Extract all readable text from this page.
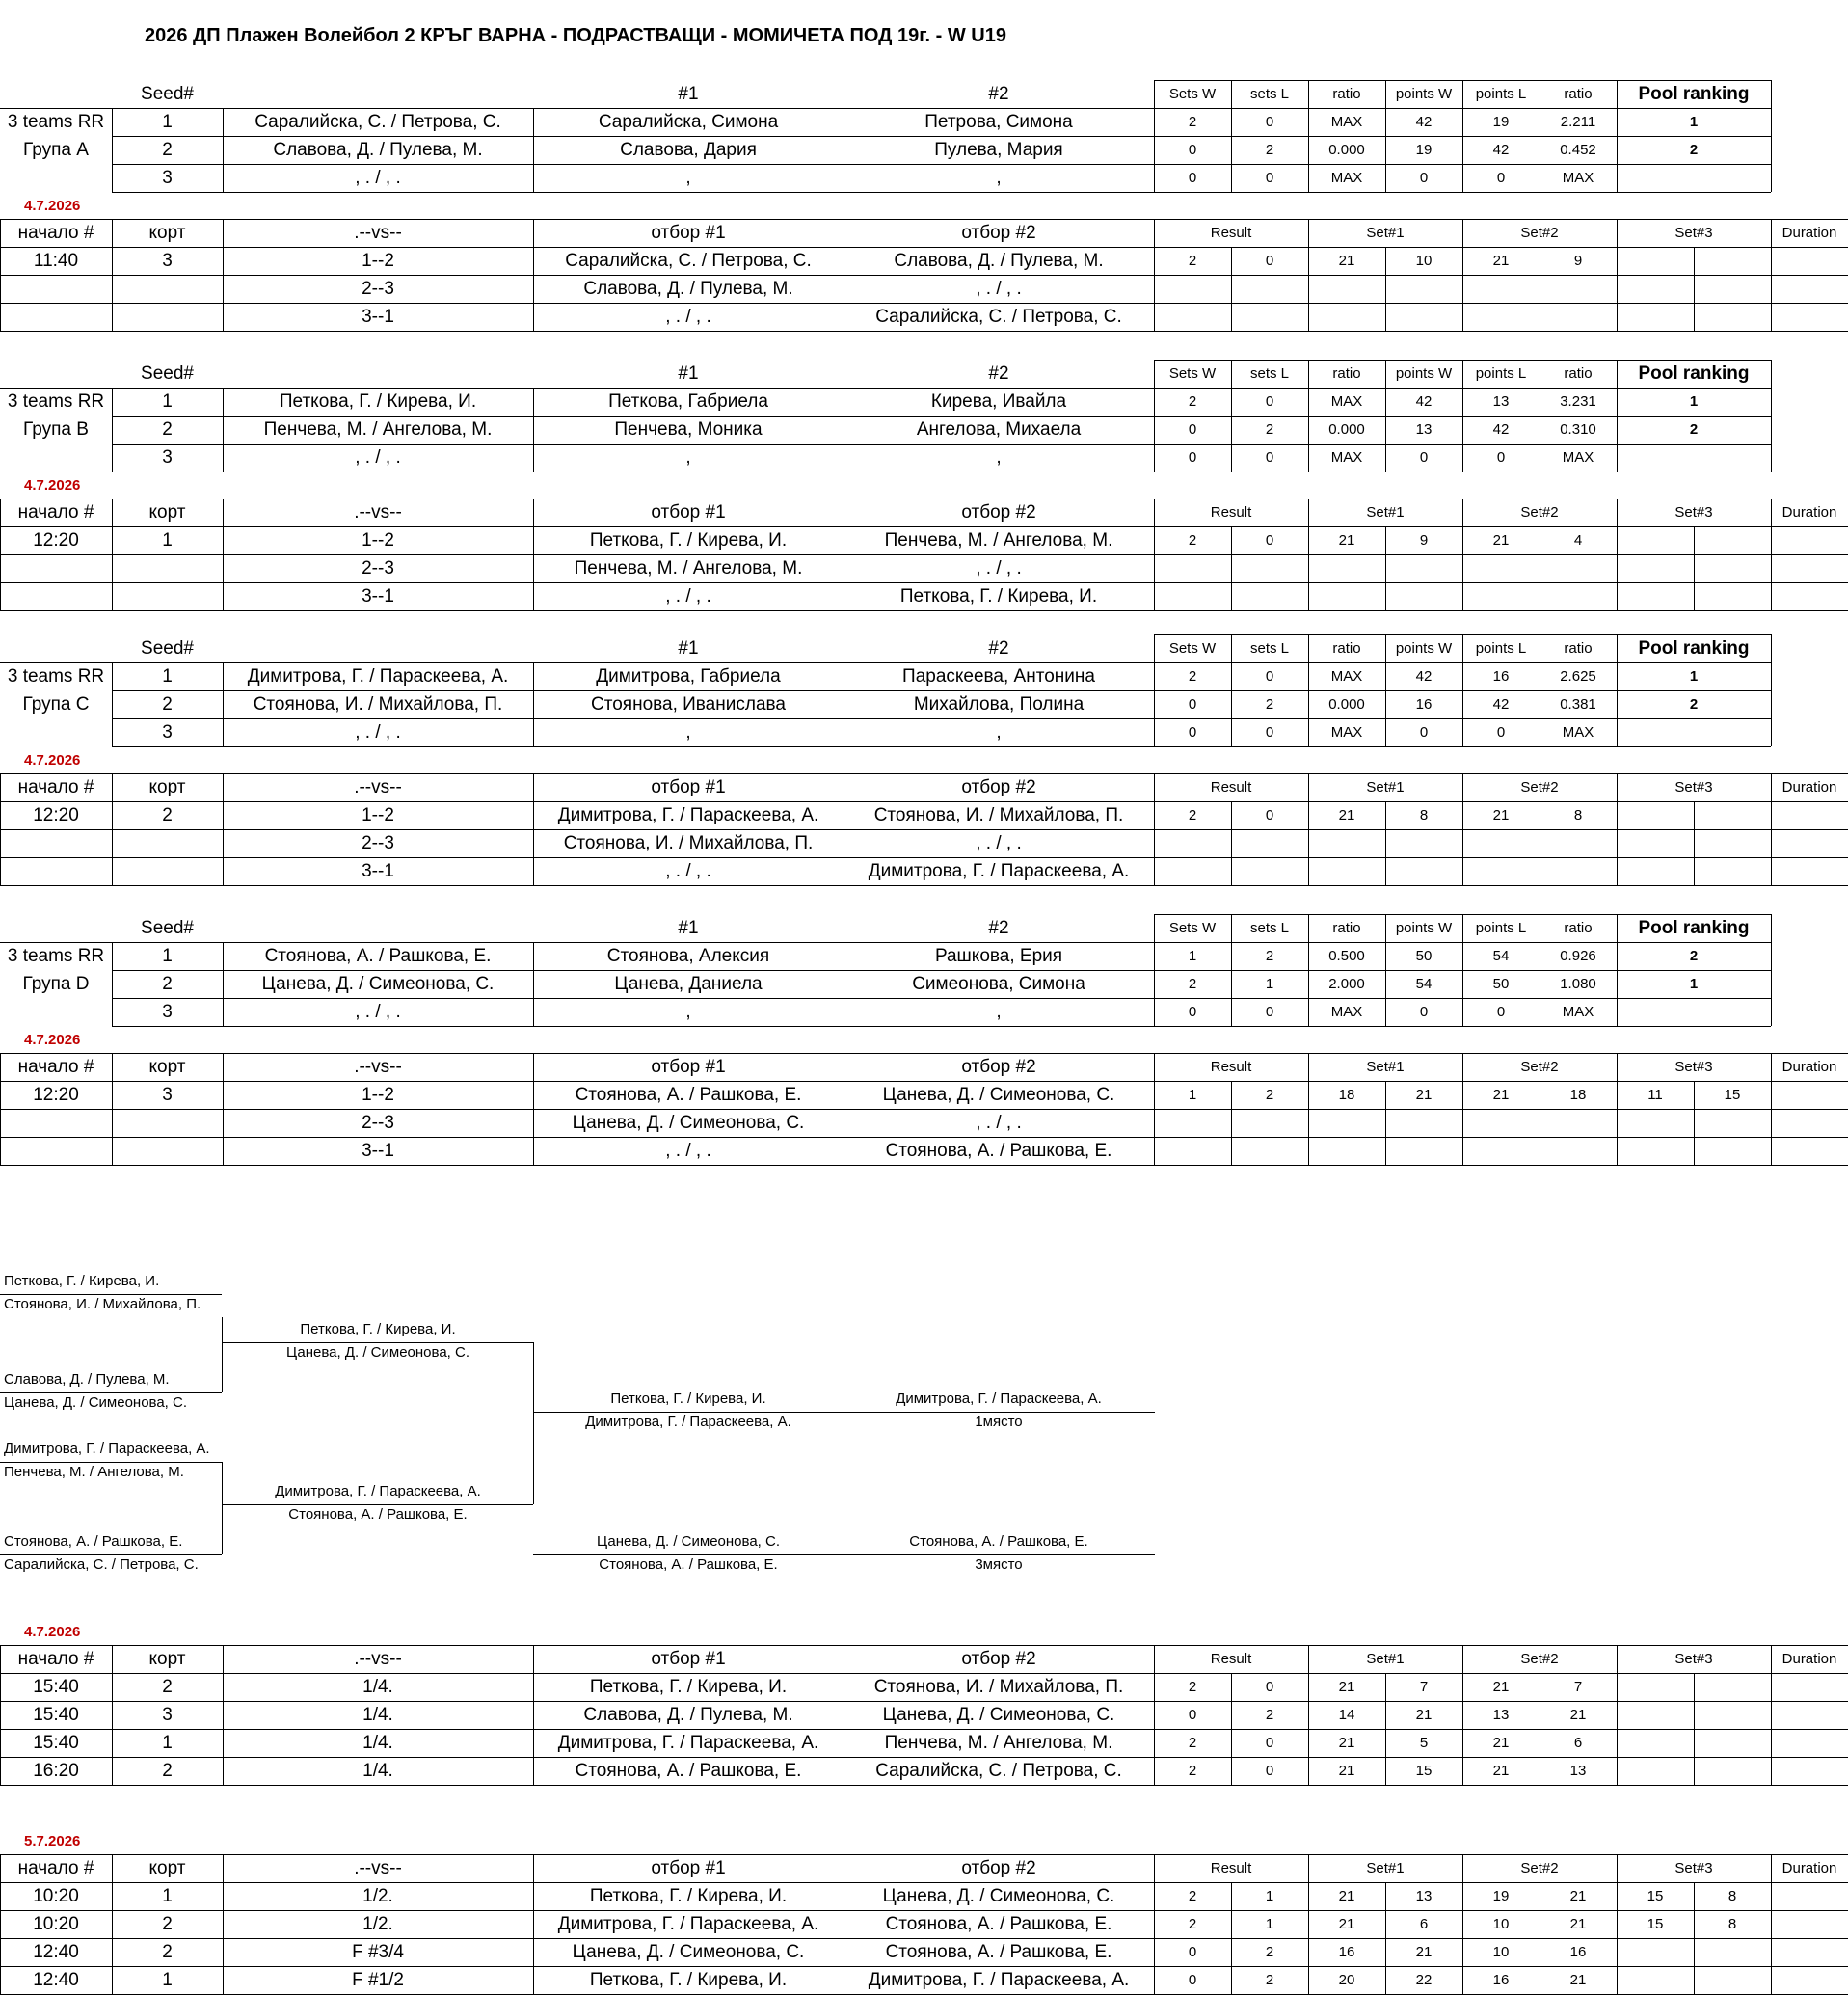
2026 ДП Плажен Волейбол 2 КРЪГ ВАРНА - ПОДРАСТВАЩИ - МОМИЧЕТА ПОД 19г. - W U19
Seed#	#1	#2	Sets W	sets L	ratio	points W	points L	ratio	Pool ranking
3 teams RR
Група A
1	Саралийска, С. / Петрова, С.	Саралийска, Симона	Петрова, Симона	2	0	MAX	42	19	2.211	1
2	Славова, Д. / Пулева, М.	Славова, Дария	Пулева, Мария	0	2	0.000	19	42	0.452	2
3	, . / , .	,	,	0	0	MAX	0	0	MAX
4.7.2026
начало #	корт	.--vs--	отбор #1	отбор #2	Result	Set#1	Set#2	Set#3	Duration
11:40	3	1--2	Саралийска, С. / Петрова, С.	Славова, Д. / Пулева, М.	2	0	21	10	21	9
2--3	Славова, Д. / Пулева, М.	, . / , .
3--1	, . / , .	Саралийска, С. / Петрова, С.
Seed#	#1	#2	Sets W	sets L	ratio	points W	points L	ratio	Pool ranking
3 teams RR
Група B
1	Петкова, Г. / Кирева, И.	Петкова, Габриела	Кирева, Ивайла	2	0	MAX	42	13	3.231	1
2	Пенчева, М. / Ангелова, М.	Пенчева, Моника	Ангелова, Михаела	0	2	0.000	13	42	0.310	2
3	, . / , .	,	,	0	0	MAX	0	0	MAX
4.7.2026
начало #	корт	.--vs--	отбор #1	отбор #2	Result	Set#1	Set#2	Set#3	Duration
12:20	1	1--2	Петкова, Г. / Кирева, И.	Пенчева, М. / Ангелова, М.	2	0	21	9	21	4
2--3	Пенчева, М. / Ангелова, М.	, . / , .
3--1	, . / , .	Петкова, Г. / Кирева, И.
Seed#	#1	#2	Sets W	sets L	ratio	points W	points L	ratio	Pool ranking
3 teams RR
Група C
1	Димитрова, Г. / Параскеева, А.	Димитрова, Габриела	Параскеева, Антонина	2	0	MAX	42	16	2.625	1
2	Стоянова, И. / Михайлова, П.	Стоянова, Иванислава	Михайлова, Полина	0	2	0.000	16	42	0.381	2
3	, . / , .	,	,	0	0	MAX	0	0	MAX
4.7.2026
начало #	корт	.--vs--	отбор #1	отбор #2	Result	Set#1	Set#2	Set#3	Duration
12:20	2	1--2	Димитрова, Г. / Параскеева, А.	Стоянова, И. / Михайлова, П.	2	0	21	8	21	8
2--3	Стоянова, И. / Михайлова, П.	, . / , .
3--1	, . / , .	Димитрова, Г. / Параскеева, А.
Seed#	#1	#2	Sets W	sets L	ratio	points W	points L	ratio	Pool ranking
3 teams RR
Група D
1	Стоянова, А. / Рашкова, Е.	Стоянова, Алексия	Рашкова, Ерия	1	2	0.500	50	54	0.926	2
2	Цанева, Д. / Симеонова, С.	Цанева, Даниела	Симеонова, Симона	2	1	2.000	54	50	1.080	1
3	, . / , .	,	,	0	0	MAX	0	0	MAX
4.7.2026
начало #	корт	.--vs--	отбор #1	отбор #2	Result	Set#1	Set#2	Set#3	Duration
12:20	3	1--2	Стоянова, А. / Рашкова, Е.	Цанева, Д. / Симеонова, С.	1	2	18	21	21	18	11	15
2--3	Цанева, Д. / Симеонова, С.	, . / , .
3--1	, . / , .	Стоянова, А. / Рашкова, Е.
4.7.2026
начало #	корт	.--vs--	отбор #1	отбор #2	Result	Set#1	Set#2	Set#3	Duration
15:40	2	1/4.	Петкова, Г. / Кирева, И.	Стоянова, И. / Михайлова, П.	2	0	21	7	21	7
15:40	3	1/4.	Славова, Д. / Пулева, М.	Цанева, Д. / Симеонова, С.	0	2	14	21	13	21
15:40	1	1/4.	Димитрова, Г. / Параскеева, А.	Пенчева, М. / Ангелова, М.	2	0	21	5	21	6
16:20	2	1/4.	Стоянова, А. / Рашкова, Е.	Саралийска, С. / Петрова, С.	2	0	21	15	21	13
5.7.2026
начало #	корт	.--vs--	отбор #1	отбор #2	Result	Set#1	Set#2	Set#3	Duration
10:20	1	1/2.	Петкова, Г. / Кирева, И.	Цанева, Д. / Симеонова, С.	2	1	21	13	19	21	15	8
10:20	2	1/2.	Димитрова, Г. / Параскеева, А.	Стоянова, А. / Рашкова, Е.	2	1	21	6	10	21	15	8
12:40	2	F #3/4	Цанева, Д. / Симеонова, С.	Стоянова, А. / Рашкова, Е.	0	2	16	21	10	16
12:40	1	F #1/2	Петкова, Г. / Кирева, И.	Димитрова, Г. / Параскеева, А.	0	2	20	22	16	21
Петкова, Г. / Кирева, И.
Стоянова, И. / Михайлова, П.
Славова, Д. / Пулева, М.
Цанева, Д. / Симеонова, С.
Димитрова, Г. / Параскеева, А.
Пенчева, М. / Ангелова, М.
Стоянова, А. / Рашкова, Е.
Саралийска, С. / Петрова, С.
Петкова, Г. / Кирева, И.
Цанева, Д. / Симеонова, С.
Димитрова, Г. / Параскеева, А.
Стоянова, А. / Рашкова, Е.
Петкова, Г. / Кирева, И.
Димитрова, Г. / Параскеева, А.
Димитрова, Г. / Параскеева, А.
1място
Цанева, Д. / Симеонова, С.
Стоянова, А. / Рашкова, Е.
Стоянова, А. / Рашкова, Е.
3място
